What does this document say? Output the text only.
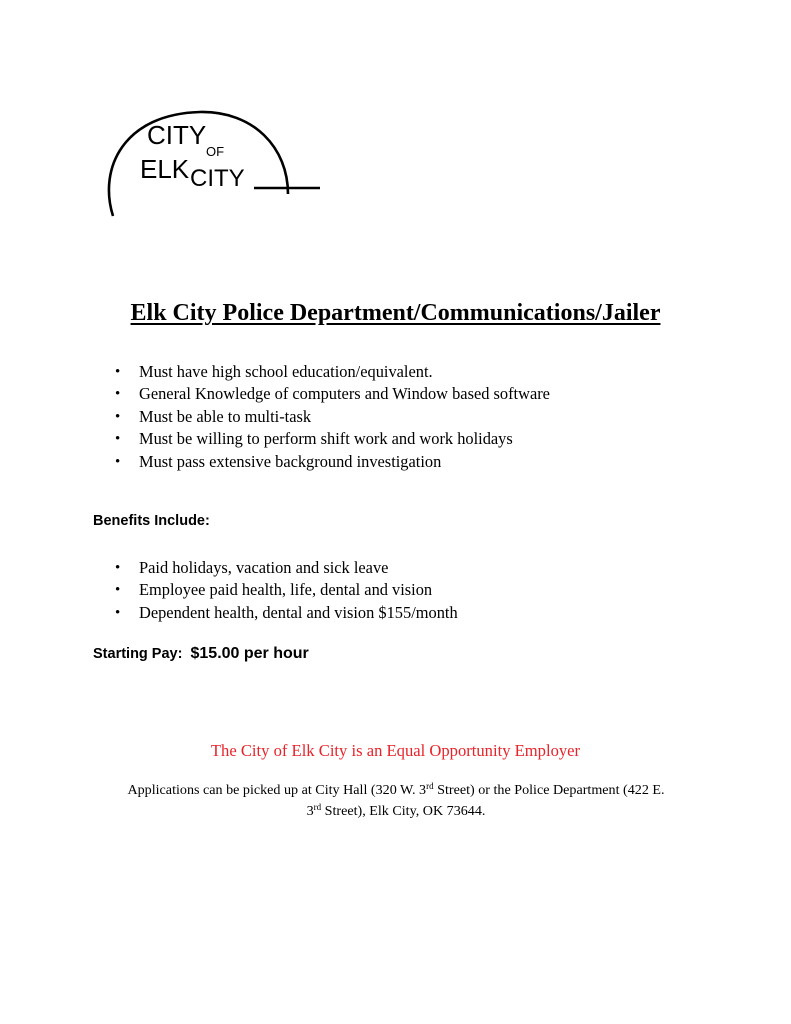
CITY
OF
ELK CITY
Elk City Police Department/Communications/Jailer
• Must have high school education/equivalent.
• General Knowledge of computers and Window based software
• Must be able to multi-task
• Must be willing to perform shift work and work holidays
• Must pass extensive background investigation
Benefits Include:
• Paid holidays, vacation and sick leave
• Employee paid health, life, dental and vision
• Dependent health, dental and vision $155/month
Starting Pay: $15.00 per hour
The City of Elk City is an Equal Opportunity Employer
Applications can be picked up at City Hall (320 W. 3rd Street) or the Police Department (422 E.
3rd Street), Elk City, OK 73644.
